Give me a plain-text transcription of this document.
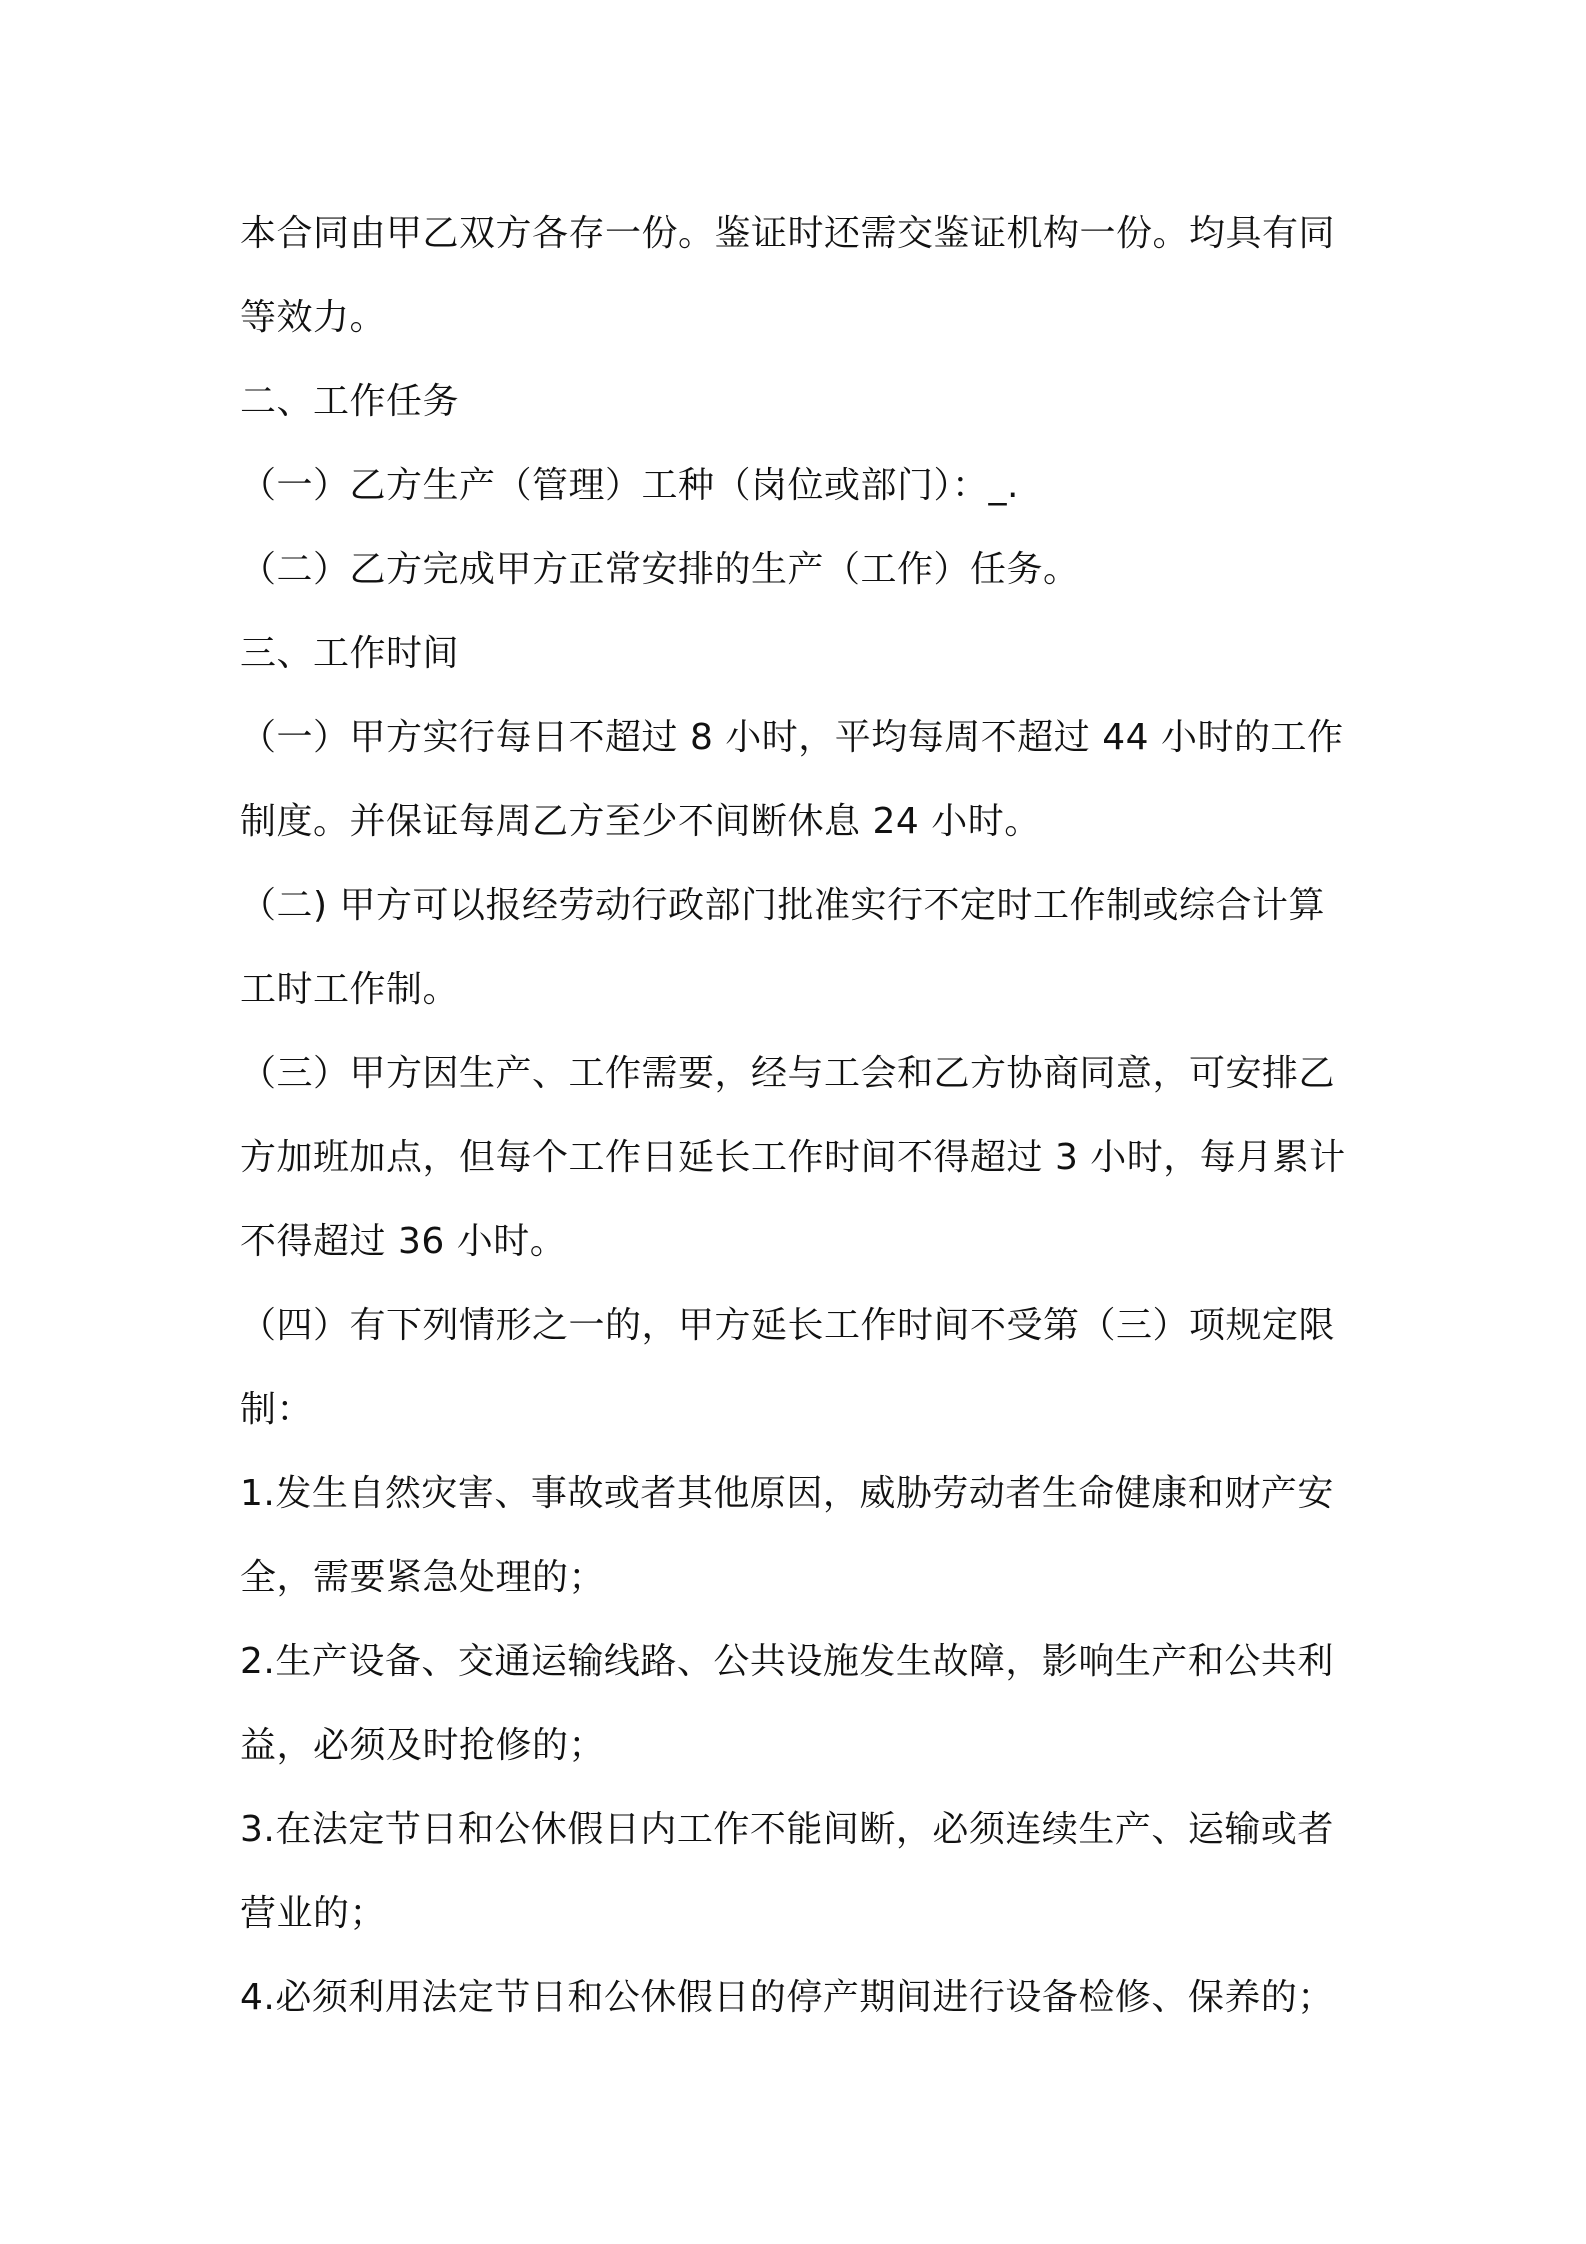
本合同由甲乙双方各存一份。鉴证时还需交鉴证机构一份。均具有同
等效力。
二、工作任务
（一）乙方生产（管理）工种（岗位或部门）：_.
（二）乙方完成甲方正常安排的生产（工作）任务。
三、工作时间
（一）甲方实行每日不超过 8 小时，平均每周不超过 44 小时的工作
制度。并保证每周乙方至少不间断休息 24 小时。
（二) 甲方可以报经劳动行政部门批准实行不定时工作制或综合计算
工时工作制。
（三）甲方因生产、工作需要，经与工会和乙方协商同意，可安排乙
方加班加点，但每个工作日延长工作时间不得超过 3 小时，每月累计
不得超过 36 小时。
（四）有下列情形之一的，甲方延长工作时间不受第（三）项规定限
制：
1.发生自然灾害、事故或者其他原因，威胁劳动者生命健康和财产安
全，需要紧急处理的；
2.生产设备、交通运输线路、公共设施发生故障，影响生产和公共利
益，必须及时抢修的；
3.在法定节日和公休假日内工作不能间断，必须连续生产、运输或者
营业的；
4.必须利用法定节日和公休假日的停产期间进行设备检修、保养的；
